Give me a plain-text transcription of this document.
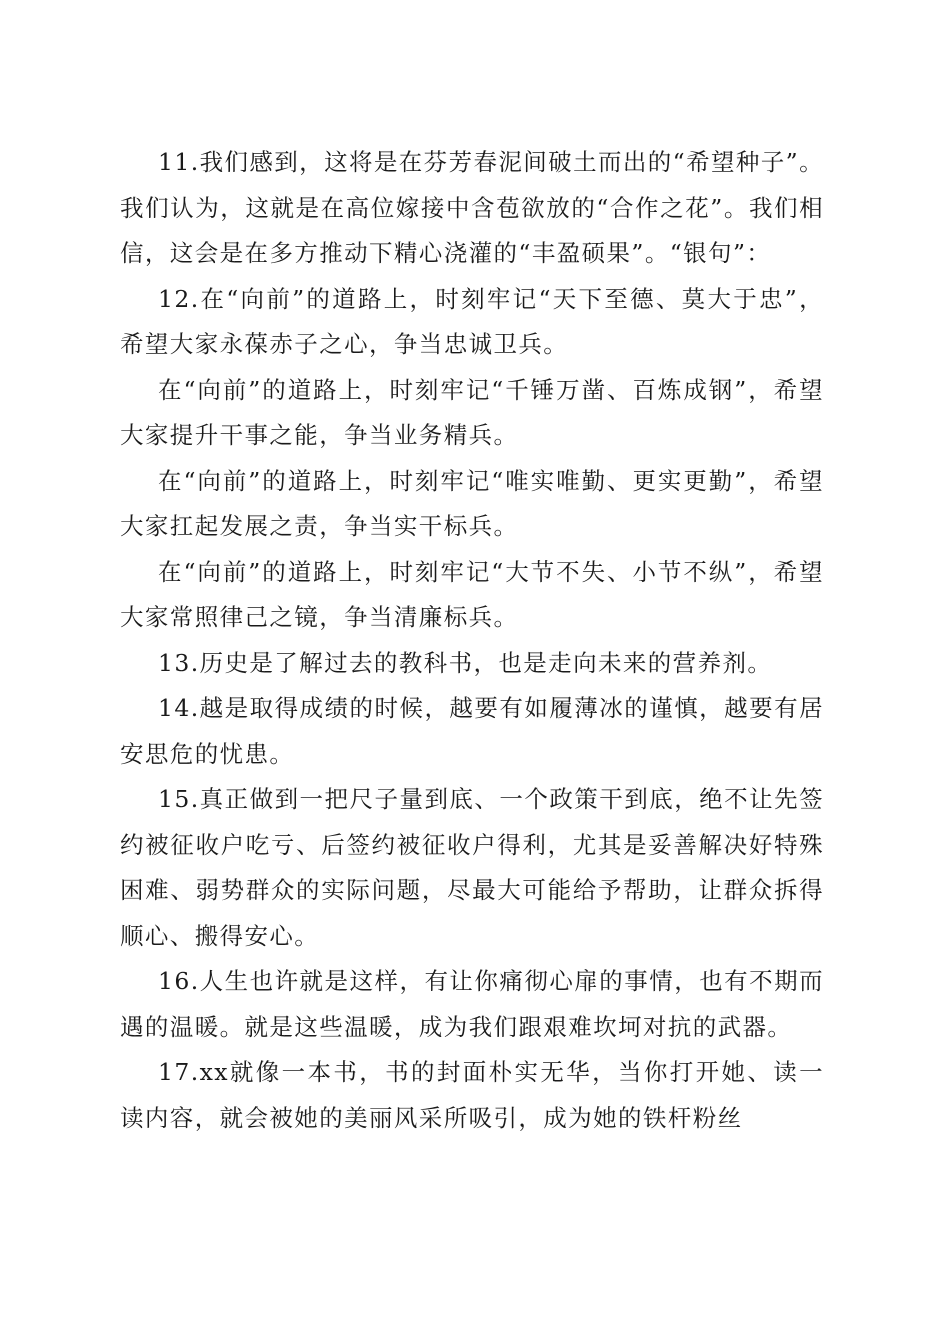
11.我们感到，这将是在芬芳春泥间破土而出的“希望种子”。我们认为，这就是在高位嫁接中含苞欲放的“合作之花”。我们相信，这会是在多方推动下精心浇灌的“丰盈硕果”。“银句”：

12.在“向前”的道路上，时刻牢记“天下至德、莫大于忠”，希望大家永葆赤子之心，争当忠诚卫兵。

在“向前”的道路上，时刻牢记“千锤万凿、百炼成钢”，希望大家提升干事之能，争当业务精兵。

在“向前”的道路上，时刻牢记“唯实唯勤、更实更勤”，希望大家扛起发展之责，争当实干标兵。

在“向前”的道路上，时刻牢记“大节不失、小节不纵”，希望大家常照律己之镜，争当清廉标兵。

13.历史是了解过去的教科书，也是走向未来的营养剂。

14.越是取得成绩的时候，越要有如履薄冰的谨慎，越要有居安思危的忧患。

15.真正做到一把尺子量到底、一个政策干到底，绝不让先签约被征收户吃亏、后签约被征收户得利，尤其是妥善解决好特殊困难、弱势群众的实际问题，尽最大可能给予帮助，让群众拆得顺心、搬得安心。

16.人生也许就是这样，有让你痛彻心扉的事情，也有不期而遇的温暖。就是这些温暖，成为我们跟艰难坎坷对抗的武器。

17.xx就像一本书，书的封面朴实无华，当你打开她、读一读内容，就会被她的美丽风采所吸引，成为她的铁杆粉丝
